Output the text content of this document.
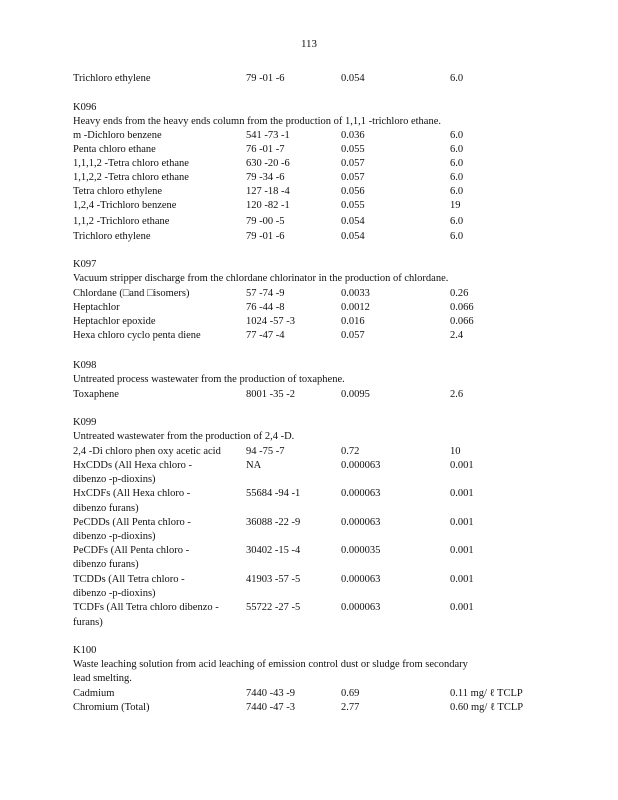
113
Trichloro ethylene	79 -01 -6	0.054	6.0
K096
Heavy ends from the heavy ends column from the production of 1,1,1 -trichloro ethane.
m -Dichloro benzene	541 -73 -1	0.036	6.0
Penta chloro ethane	76 -01 -7	0.055	6.0
1,1,1,2 -Tetra chloro ethane	630 -20 -6	0.057	6.0
1,1,2,2 -Tetra chloro ethane	79 -34 -6	0.057	6.0
Tetra chloro ethylene	127 -18 -4	0.056	6.0
1,2,4 -Trichloro benzene	120 -82 -1	0.055	19
1,1,2 -Trichloro ethane	79 -00 -5	0.054	6.0
Trichloro ethylene	79 -01 -6	0.054	6.0
K097
Vacuum stripper discharge from the chlordane chlorinator in the production of chlordane.
Chlordane (□and □isomers)	57 -74 -9	0.0033	0.26
Heptachlor	76 -44 -8	0.0012	0.066
Heptachlor epoxide	1024 -57 -3	0.016	0.066
Hexa chloro cyclo penta diene	77 -47 -4	0.057	2.4
K098
Untreated process wastewater from the production of toxaphene.
Toxaphene	8001 -35 -2	0.0095	2.6
K099
Untreated wastewater from the production of 2,4 -D.
2,4 -Di chloro phen oxy acetic acid 94 -75 -7	0.72	10
HxCDDs (All Hexa chloro -	NA	0.000063	0.001
dibenzo -p-dioxins)
HxCDFs (All Hexa chloro -	55684 -94 -1	0.000063	0.001
dibenzo furans)
PeCDDs (All Penta chloro -	36088 -22 -9	0.000063	0.001
dibenzo -p-dioxins)
PeCDFs (All Penta chloro -	30402 -15 -4	0.000035	0.001
dibenzo furans)
TCDDs (All Tetra chloro -	41903 -57 -5	0.000063	0.001
dibenzo -p-dioxins)
TCDFs (All Tetra chloro dibenzo -	55722 -27 -5	0.000063	0.001
furans)
K100
Waste leaching solution from acid leaching of emission control dust or sludge from secondary
lead smelting.
Cadmium	7440 -43 -9	0.69	0.11 mg/ ℓ TCLP
Chromium (Total)	7440 -47 -3	2.77	0.60 mg/ ℓ TCLP
